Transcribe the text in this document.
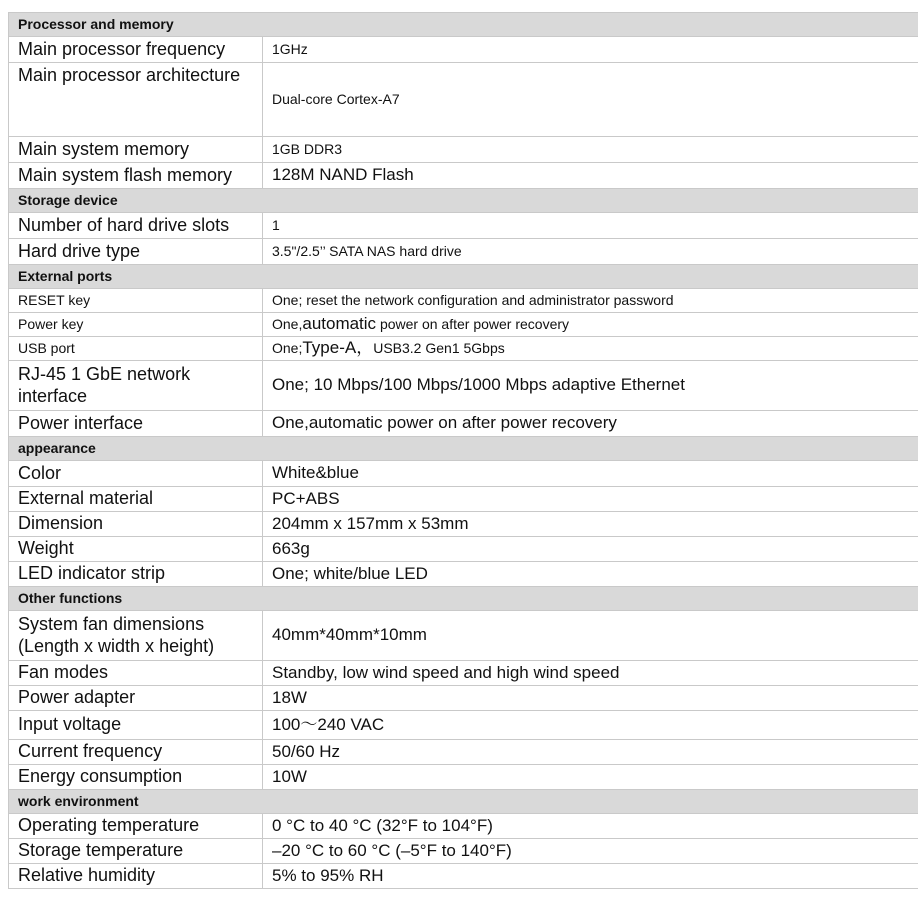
Processor and memory	
Main processor frequency	1GHz
Main processor architecture	Dual-core Cortex-A7
Main system memory	1GB DDR3
Main system flash memory	128M NAND Flash
Storage device	
Number of hard drive slots	1
Hard drive type	3.5"/2.5’’ SATA NAS hard drive
External ports	
RESET key	One; reset the network configuration and administrator password
Power key	One,automatic power on after power recovery
USB port	One;Type-A，USB3.2 Gen1 5Gbps
RJ-45 1 GbE network interface	One; 10 Mbps/100 Mbps/1000 Mbps adaptive Ethernet
Power interface	One,automatic power on after power recovery
appearance	
Color	White&blue
External material	PC+ABS
Dimension	204mm x 157mm x 53mm
Weight	663g
LED indicator strip	One; white/blue LED
Other functions	
System fan dimensions (Length x width x height)	40mm*40mm*10mm
Fan modes	Standby, low wind speed and high wind speed
Power adapter	18W
Input voltage	100～240 VAC
Current frequency	50/60 Hz
Energy consumption	10W
work environment	
Operating temperature	0 °C to 40 °C (32°F to 104°F)
Storage temperature	–20 °C to 60 °C (–5°F to 140°F)
Relative humidity	5% to 95% RH
